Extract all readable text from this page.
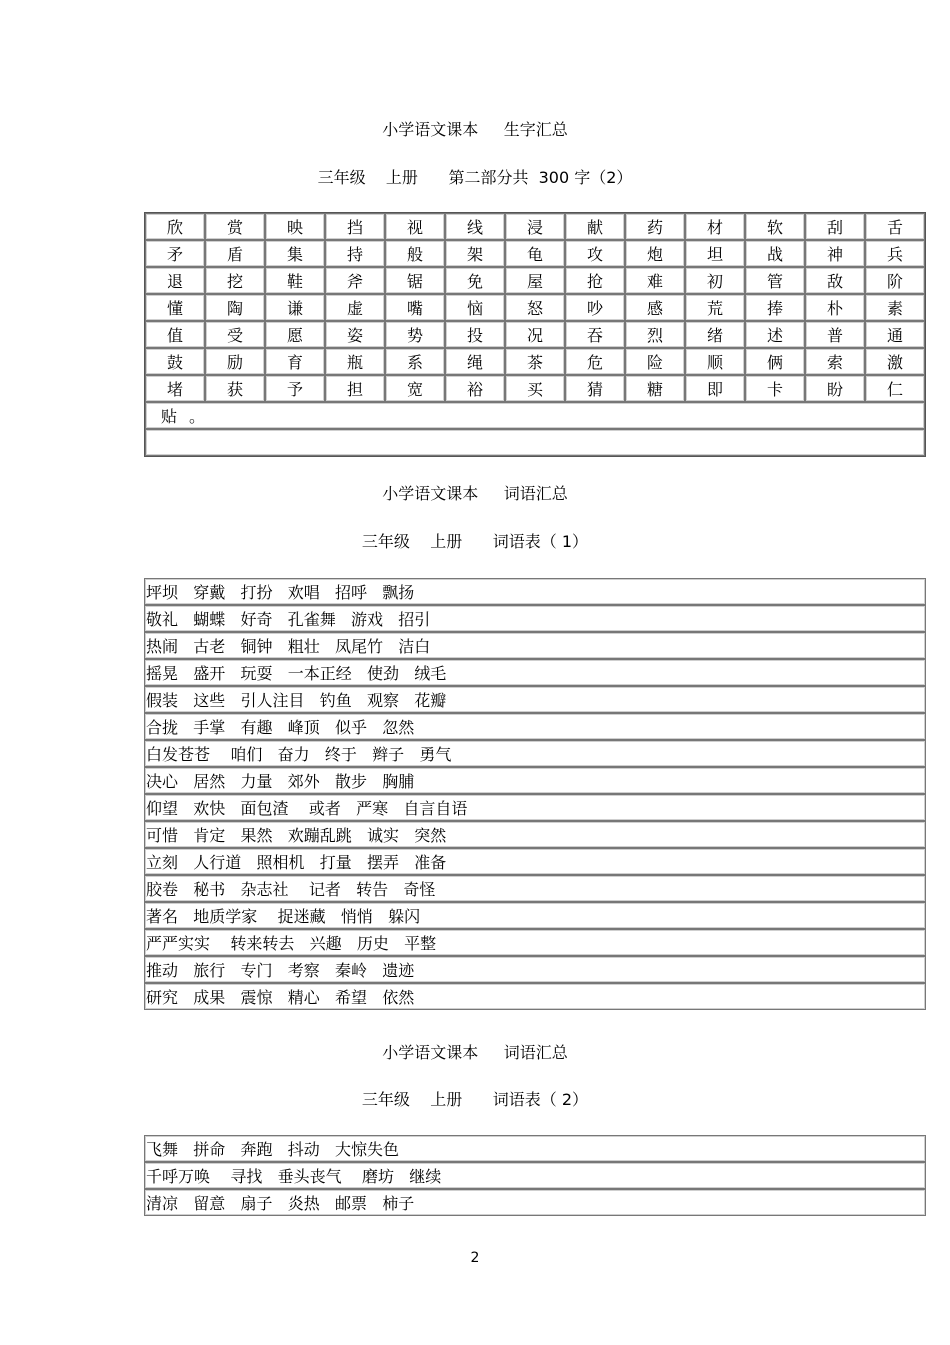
小学语文课本     生字汇总
三年级    上册      第二部分共  300 字（2）
欣	赏	映	挡	视	线	浸	献	药	材	软	刮	舌
矛	盾	集	持	般	架	龟	攻	炮	坦	战	神	兵
退	挖	鞋	斧	锯	免	屋	抢	难	初	管	敌	阶
懂	陶	谦	虚	嘴	恼	怒	吵	感	荒	捧	朴	素
值	受	愿	姿	势	投	况	吞	烈	绪	述	普	通
鼓	励	育	瓶	系	绳	茶	危	险	顺	俩	索	激
堵	获	予	担	宽	裕	买	猜	糖	即	卡	盼	仁
贴 。												

小学语文课本     词语汇总
三年级    上册      词语表（ 1）
坪坝   穿戴   打扮   欢唱   招呼   飘扬
敬礼   蝴蝶   好奇   孔雀舞   游戏   招引
热闹   古老   铜钟   粗壮   凤尾竹   洁白
摇晃   盛开   玩耍   一本正经   使劲   绒毛
假装   这些   引人注目   钓鱼   观察   花瓣
合拢   手掌   有趣   峰顶   似乎   忽然
白发苍苍    咱们   奋力   终于   辫子   勇气
决心   居然   力量   郊外   散步   胸脯
仰望   欢快   面包渣    或者   严寒   自言自语
可惜   肯定   果然   欢蹦乱跳   诚实   突然
立刻   人行道   照相机   打量   摆弄   准备
胶卷   秘书   杂志社    记者   转告   奇怪
著名   地质学家    捉迷藏   悄悄   躲闪
严严实实    转来转去   兴趣   历史   平整
推动   旅行   专门   考察   秦岭   遗迹
研究   成果   震惊   精心   希望   依然
小学语文课本     词语汇总
三年级    上册      词语表（ 2）
飞舞   拼命   奔跑   抖动   大惊失色
千呼万唤    寻找   垂头丧气    磨坊   继续
清凉   留意   扇子   炎热   邮票   柿子
2
